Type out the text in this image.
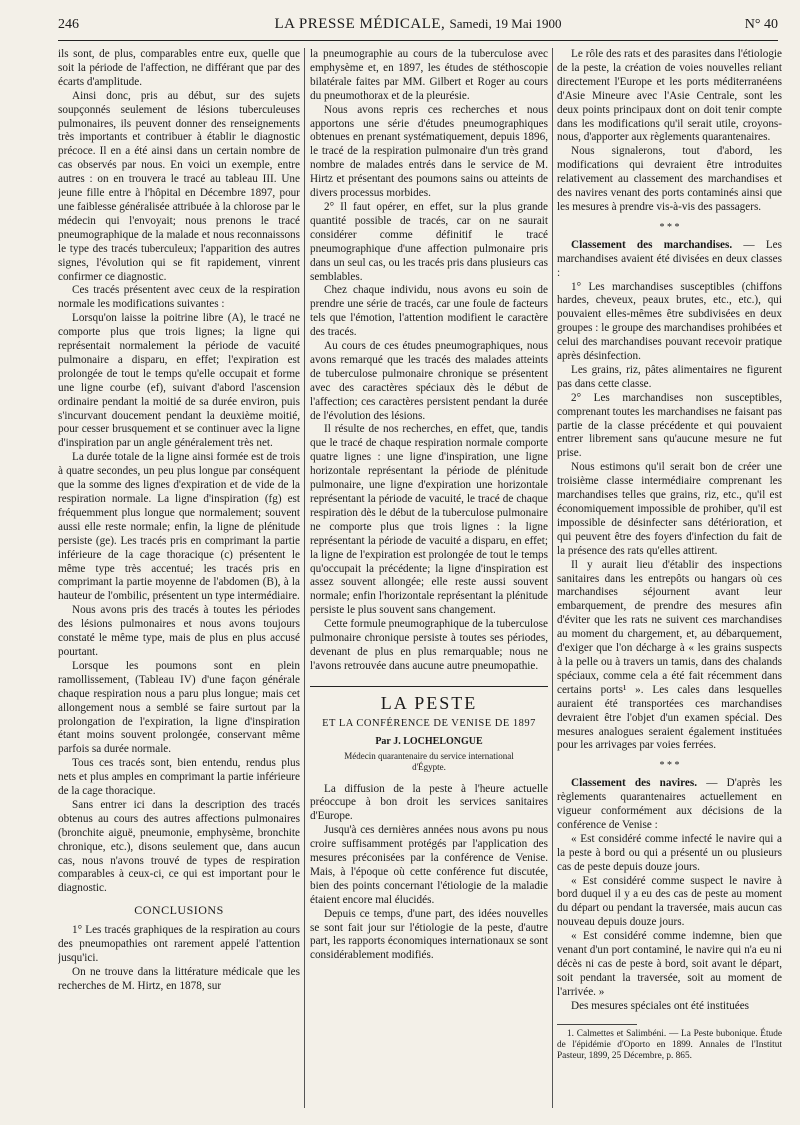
246	LA PRESSE MÉDICALE, Samedi, 19 Mai 1900	N° 40

ils sont, de plus, comparables entre eux, quelle que soit la période de l'affection, ne différant que par des écarts d'amplitude.

Ainsi donc, pris au début, sur des sujets soupçonnés seulement de lésions tuberculeuses pulmonaires, ils peuvent donner des renseignements très importants et contribuer à établir le diagnostic précoce. Il en a été ainsi dans un certain nombre de cas observés par nous. En voici un exemple, entre autres : on en trouvera le tracé au tableau III. Une jeune fille entre à l'hôpital en Décembre 1897, pour une faiblesse généralisée attribuée à la chlorose par le médecin qui l'envoyait; nous prenons le tracé pneumographique de la malade et nous reconnaissons le type des tracés tuberculeux; l'apparition des autres signes, l'évolution qui se fit rapidement, vinrent confirmer ce diagnostic.

Ces tracés présentent avec ceux de la respiration normale les modifications suivantes :

Lorsqu'on laisse la poitrine libre (A), le tracé ne comporte plus que trois lignes; la ligne qui représentait normalement la période de vacuité pulmonaire a disparu, en effet; l'expiration est prolongée de tout le temps qu'elle occupait et forme une ligne courbe (ef), suivant d'abord l'ascension ordinaire pendant la moitié de sa durée environ, puis s'incurvant doucement pendant la deuxième moitié, pour cesser brusquement et se continuer avec la ligne d'inspiration par un angle généralement très net.

La durée totale de la ligne ainsi formée est de trois à quatre secondes, un peu plus longue par conséquent que la somme des lignes d'expiration et de vide de la respiration normale. La ligne d'inspiration (fg) est fréquemment plus longue que normalement; souvent aussi elle reste normale; enfin, la ligne de plénitude persiste (ge). Les tracés pris en comprimant la partie inférieure de la cage thoracique (c) présentent le même type très accentué; les tracés pris en comprimant la partie moyenne de l'abdomen (B), à la hauteur de l'ombilic, présentent un type intermédiaire.

Nous avons pris des tracés à toutes les périodes des lésions pulmonaires et nous avons toujours constaté le même type, mais de plus en plus accusé pourtant.

Lorsque les poumons sont en plein ramollissement, (Tableau IV) d'une façon générale chaque respiration nous a paru plus longue; mais cet allongement nous a semblé se faire surtout par la prolongation de l'expiration, la ligne d'inspiration étant moins souvent prolongée, conservant même parfois sa durée normale.

Tous ces tracés sont, bien entendu, rendus plus nets et plus amples en comprimant la partie inférieure de la cage thoracique.

Sans entrer ici dans la description des tracés obtenus au cours des autres affections pulmonaires (bronchite aiguë, pneumonie, emphysème, bronchite chronique, etc.), disons seulement que, dans aucun cas, nous n'avons trouvé de types de respiration comparables à ceux-ci, ce qui est important pour le diagnostic.

CONCLUSIONS

1° Les tracés graphiques de la respiration au cours des pneumopathies ont rarement appelé l'attention jusqu'ici.

On ne trouve dans la littérature médicale que les recherches de M. Hirtz, en 1878, sur

la pneumographie au cours de la tuberculose avec emphysème et, en 1897, les études de stéthoscopie bilatérale faites par MM. Gilbert et Roger au cours du pneumothorax et de la pleurésie.

Nous avons repris ces recherches et nous apportons une série d'études pneumographiques obtenues en prenant systématiquement, depuis 1896, le tracé de la respiration pulmonaire d'un très grand nombre de malades entrés dans le service de M. Hirtz et présentant des poumons sains ou atteints de divers processus morbides.

2° Il faut opérer, en effet, sur la plus grande quantité possible de tracés, car on ne saurait considérer comme définitif le tracé pneumographique d'une affection pulmonaire pris dans un seul cas, ou les tracés pris dans plusieurs cas semblables.

Chez chaque individu, nous avons eu soin de prendre une série de tracés, car une foule de facteurs tels que l'émotion, l'attention modifient le caractère des tracés.

Au cours de ces études pneumographiques, nous avons remarqué que les tracés des malades atteints de tuberculose pulmonaire chronique se présentent avec des caractères spéciaux dès le début de l'affection; ces caractères persistent pendant la durée de l'évolution des lésions.

Il résulte de nos recherches, en effet, que, tandis que le tracé de chaque respiration normale comporte quatre lignes : une ligne d'inspiration, une ligne horizontale représentant la période de plénitude pulmonaire, une ligne d'expiration une horizontale représentant la période de vacuité, le tracé de chaque respiration dès le début de la tuberculose pulmonaire ne comporte plus que trois lignes : la ligne représentant la période de vacuité a disparu, en effet; la ligne de l'expiration est prolongée de tout le temps qu'occupait la précédente; la ligne d'inspiration est assez souvent allongée; elle reste aussi souvent normale; enfin l'horizontale représentant la plénitude persiste le plus souvent sans changement.

Cette formule pneumographique de la tuberculose pulmonaire chronique persiste à toutes ses périodes, devenant de plus en plus remarquable; nous ne l'avons retrouvée dans aucune autre pneumopathie.

LA PESTE
ET LA CONFÉRENCE DE VENISE DE 1897
Par J. LOCHELONGUE
Médecin quarantenaire du service international d'Égypte.

La diffusion de la peste à l'heure actuelle préoccupe à bon droit les services sanitaires d'Europe.

Jusqu'à ces dernières années nous avons pu nous croire suffisamment protégés par l'application des mesures préconisées par la conférence de Venise. Mais, à l'époque où cette conférence fut discutée, bien des points concernant l'étiologie de la maladie étaient encore mal élucidés.

Depuis ce temps, d'une part, des idées nouvelles se sont fait jour sur l'étiologie de la peste, d'autre part, les rapports économiques internationaux se sont considérablement modifiés.

Le rôle des rats et des parasites dans l'étiologie de la peste, la création de voies nouvelles reliant directement l'Europe et les ports méditerranéens d'Asie Mineure avec l'Asie Centrale, sont les deux points principaux dont on doit tenir compte dans les modifications qu'il serait utile, croyons-nous, d'apporter aux règlements quarantenaires.

Nous signalerons, tout d'abord, les modifications qui devraient être introduites relativement au classement des marchandises et des navires venant des ports contaminés ainsi que les mesures à prendre vis-à-vis des passagers.

* * *

Classement des marchandises. — Les marchandises avaient été divisées en deux classes :

1° Les marchandises susceptibles (chiffons hardes, cheveux, peaux brutes, etc., etc.), qui pouvaient elles-mêmes être subdivisées en deux groupes : le groupe des marchandises prohibées et celui des marchandises pouvant recevoir pratique après désinfection.

Les grains, riz, pâtes alimentaires ne figurent pas dans cette classe.

2° Les marchandises non susceptibles, comprenant toutes les marchandises ne faisant pas partie de la classe précédente et qui pouvaient entrer librement sans qu'aucune mesure ne fut prise.

Nous estimons qu'il serait bon de créer une troisième classe intermédiaire comprenant les marchandises telles que grains, riz, etc., qu'il est économiquement impossible de prohiber, qu'il est impossible de désinfecter sans détérioration, et qui peuvent être des foyers d'infection du fait de la présence des rats qu'elles attirent.

Il y aurait lieu d'établir des inspections sanitaires dans les entrepôts ou hangars où ces marchandises séjournent avant leur embarquement, de prendre des mesures afin d'éviter que les rats ne suivent ces marchandises au moment du chargement, et, au débarquement, d'exiger que l'on décharge à « les grains suspects à la pelle ou à travers un tamis, dans des chalands spéciaux, comme cela a été fait récemment dans certains ports¹ ». Les cales dans lesquelles auraient été transportées ces marchandises devraient être l'objet d'un examen spécial. Des mesures analogues seraient également instituées pour les arrivages par voies ferrées.

* * *

Classement des navires. — D'après les règlements quarantenaires actuellement en vigueur conformément aux décisions de la conférence de Venise :

« Est considéré comme infecté le navire qui a la peste à bord ou qui a présenté un ou plusieurs cas de peste depuis douze jours.

« Est considéré comme suspect le navire à bord duquel il y a eu des cas de peste au moment du départ ou pendant la traversée, mais aucun cas nouveau depuis douze jours.

« Est considéré comme indemne, bien que venant d'un port contaminé, le navire qui n'a eu ni décès ni cas de peste à bord, soit avant le départ, soit pendant la traversée, soit au moment de l'arrivée. »

Des mesures spéciales ont été instituées

1. Calmettes et Salimbéni. — La Peste bubonique. Étude de l'épidémie d'Oporto en 1899. Annales de l'Institut Pasteur, 1899, 25 Décembre, p. 865.
